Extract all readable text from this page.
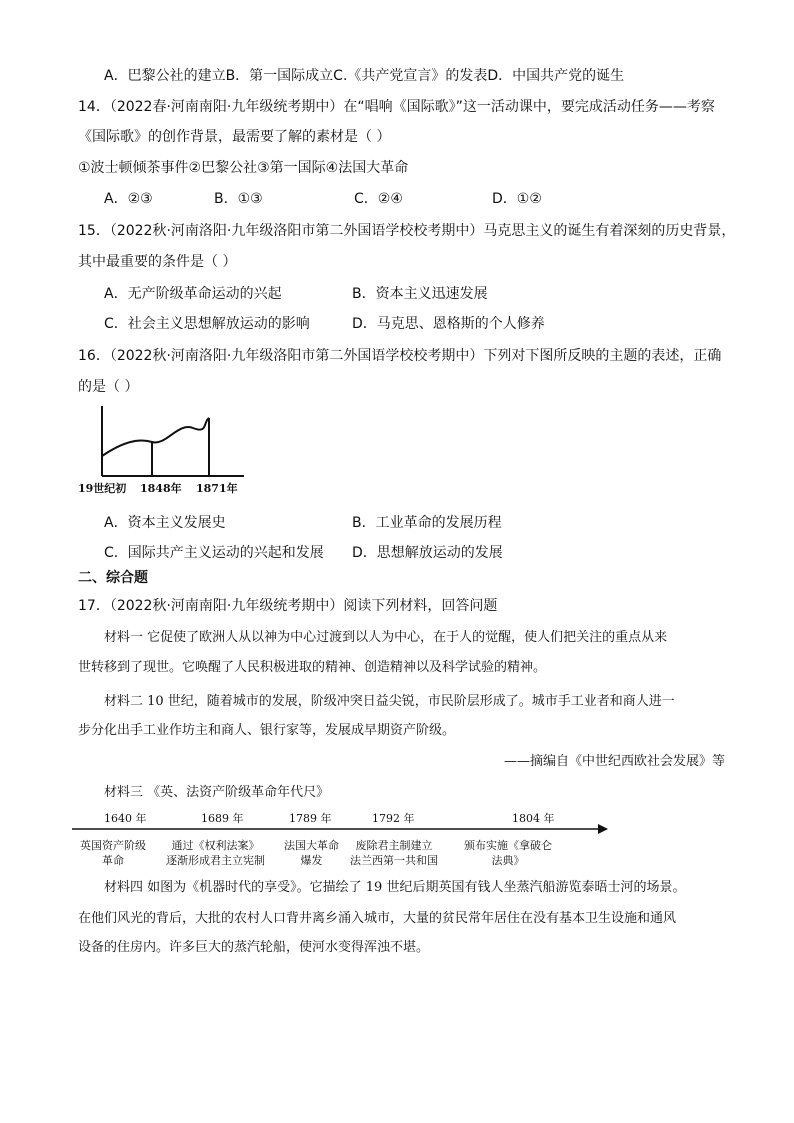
A．巴黎公社的建立B．第一国际成立C.《共产党宣言》的发表D．中国共产党的诞生
14．（2022春·河南南阳·九年级统考期中）在“唱响《国际歌》”这一活动课中，要完成活动任务——考察
《国际歌》的创作背景，最需要了解的素材是（ ）
①波士顿倾茶事件②巴黎公社③第一国际④法国大革命
A．②③	B．①③	C．②④	D．①②
15．（2022秋·河南洛阳·九年级洛阳市第二外国语学校校考期中）马克思主义的诞生有着深刻的历史背景，
其中最重要的条件是（ ）
A．无产阶级革命运动的兴起	B．资本主义迅速发展
C．社会主义思想解放运动的影响	D．马克思、恩格斯的个人修养
16．（2022秋·河南洛阳·九年级洛阳市第二外国语学校校考期中）下列对下图所反映的主题的表述，正确
的是（ ）
19世纪初 1848年 1871年
A．资本主义发展史	B．工业革命的发展历程
C．国际共产主义运动的兴起和发展 D．思想解放运动的发展
二、综合题
17．（2022秋·河南南阳·九年级统考期中）阅读下列材料，回答问题
材料一 它促使了欧洲人从以神为中心过渡到以人为中心，在于人的觉醒，使人们把关注的重点从来
世转移到了现世。它唤醒了人民积极进取的精神、创造精神以及科学试验的精神。
材料二 10 世纪，随着城市的发展，阶级冲突日益尖锐，市民阶层形成了。城市手工业者和商人进一
步分化出手工业作坊主和商人、银行家等，发展成早期资产阶级。
——摘编自《中世纪西欧社会发展》等
材料三 《英、法资产阶级革命年代尺》
1640 年	1689 年	1789 年	1792 年	1804 年
英国资产阶级
革命
通过《权利法案》
逐渐形成君主立宪制
法国大革命
爆发
废除君主制建立
法兰西第一共和国
颁布实施《拿破仑
法典》
材料四 如图为《机器时代的享受》。它描绘了 19 世纪后期英国有钱人坐蒸汽船游览泰晤士河的场景。
在他们风光的背后，大批的农村人口背井离乡涌入城市，大量的贫民常年居住在没有基本卫生设施和通风
设备的住房内。许多巨大的蒸汽轮船，使河水变得浑浊不堪。
